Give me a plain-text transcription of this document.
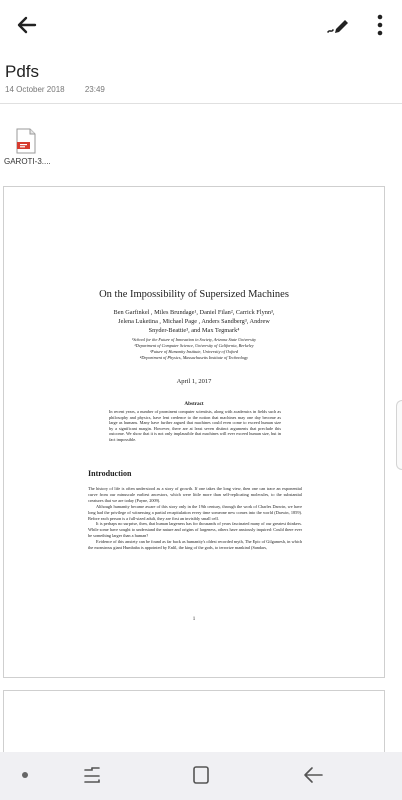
Pdfs
14 October 2018	23:49
GAROTI-3....
On the Impossibility of Supersized Machines
Ben Garfinkel , Miles Brundage¹, Daniel Filan², Carrick Flynn³,
Jelena Luketina , Michael Page , Anders Sandberg³, Andrew
Snyder-Beattie³, and Max Tegmark⁴
¹School for the Future of Innovation in Society, Arizona State University
²Department of Computer Science, University of California, Berkeley
³Future of Humanity Institute, University of Oxford
⁴Department of Physics, Massachusetts Institute of Technology
April 1, 2017
Abstract
In recent years, a number of prominent computer scientists, along with academics in fields such as philosophy and physics, have lent credence to the notion that machines may one day become as large as humans. Many have further argued that machines could even come to exceed human size by a significant margin. However, there are at least seven distinct arguments that preclude this outcome. We show that it is not only implausible that machines will ever exceed human size, but in fact impossible.
Introduction

The history of life is often understood as a story of growth. If one takes the long view, then one can trace an exponential curve from our minuscule earliest ancestors, which were little more than self-replicating molecules, to the substantial creatures that we are today (Payne, 2009).

Although humanity became aware of this story only in the 19th century, through the work of Charles Darwin, we have long had the privilege of witnessing a partial recapitulation every time someone new comes into the world (Darwin, 1859). Before each person is a full-sized adult, they are first an invisibly small cell.

It is perhaps no surprise, then, that human largeness has for thousands of years fascinated many of our greatest thinkers. While some have sought to understand the nature and origins of largeness, others have anxiously inquired: Could there ever be something larger than a human?

Evidence of this anxiety can be found as far back as humanity's oldest recorded myth, The Epic of Gilgamesh, in which the monstrous giant Humbaba is appointed by Enlil, the king of the gods, to terrorize mankind (Sandars,

1
